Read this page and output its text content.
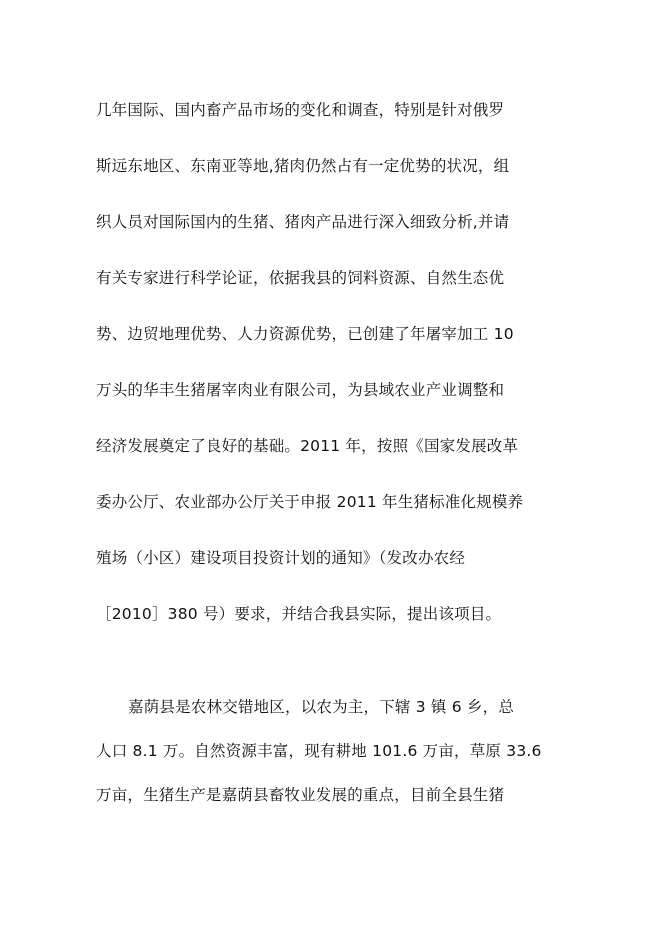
几年国际、国内畜产品市场的变化和调查，特别是针对俄罗
斯远东地区、东南亚等地,猪肉仍然占有一定优势的状况，组
织人员对国际国内的生猪、猪肉产品进行深入细致分析,并请
有关专家进行科学论证，依据我县的饲料资源、自然生态优
势、边贸地理优势、人力资源优势，已创建了年屠宰加工 10
万头的华丰生猪屠宰肉业有限公司，为县域农业产业调整和
经济发展奠定了良好的基础。2011 年，按照《国家发展改革
委办公厅、农业部办公厅关于申报 2011 年生猪标准化规模养
殖场（小区）建设项目投资计划的通知》（发改办农经
［2010］380 号）要求，并结合我县实际，提出该项目。
嘉荫县是农林交错地区，以农为主，下辖 3 镇 6 乡，总
人口 8.1 万。自然资源丰富，现有耕地 101.6 万亩，草原 33.6
万亩，生猪生产是嘉荫县畜牧业发展的重点，目前全县生猪
